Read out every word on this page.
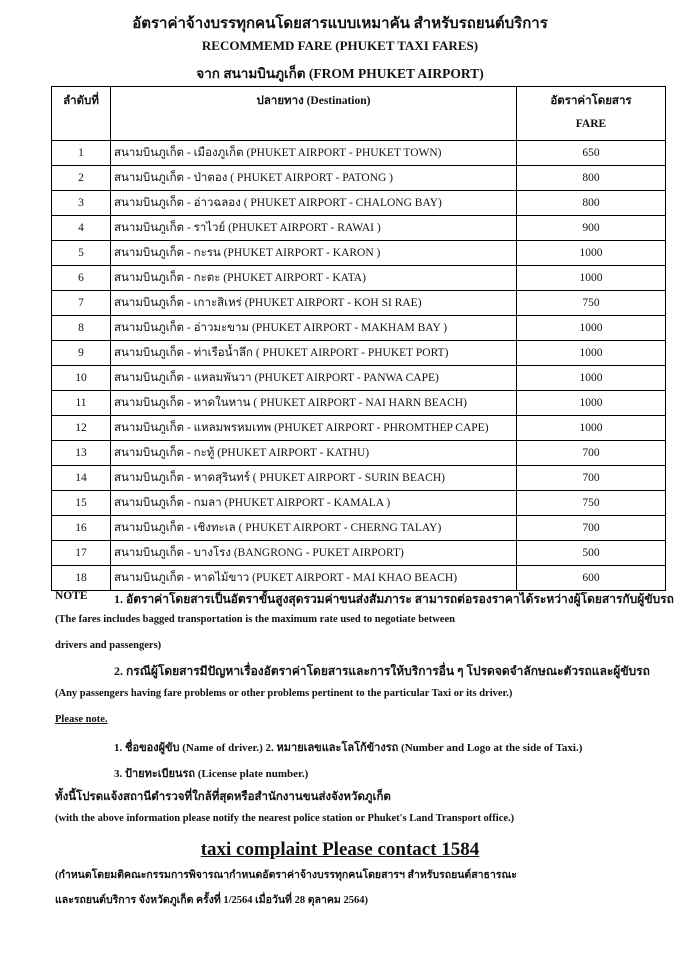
อัตราค่าจ้างบรรทุกคนโดยสารแบบเหมาคัน สำหรับรถยนต์บริการ
RECOMMEMD FARE (PHUKET TAXI FARES)
จาก สนามบินภูเก็ต (FROM PHUKET AIRPORT)
ลำดับที่	ปลายทาง (Destination)	อัตราค่าโดยสาร
FARE

1	สนามบินภูเก็ต - เมืองภูเก็ต (PHUKET AIRPORT - PHUKET TOWN)	650
2	สนามบินภูเก็ต - ป่าตอง ( PHUKET AIRPORT - PATONG )	800
3	สนามบินภูเก็ต - อ่าวฉลอง ( PHUKET AIRPORT - CHALONG BAY)	800
4	สนามบินภูเก็ต - ราไวย์ (PHUKET AIRPORT - RAWAI )	900
5	สนามบินภูเก็ต - กะรน (PHUKET AIRPORT - KARON )	1000
6	สนามบินภูเก็ต - กะตะ (PHUKET AIRPORT - KATA)	1000
7	สนามบินภูเก็ต - เกาะสิเหร่ (PHUKET AIRPORT - KOH SI RAE)	750
8	สนามบินภูเก็ต - อ่าวมะขาม (PHUKET AIRPORT - MAKHAM BAY )	1000
9	สนามบินภูเก็ต - ท่าเรือน้ำลึก ( PHUKET AIRPORT - PHUKET PORT)	1000
10	สนามบินภูเก็ต - แหลมพันวา (PHUKET AIRPORT - PANWA CAPE)	1000
11	สนามบินภูเก็ต - หาดในหาน ( PHUKET AIRPORT - NAI HARN BEACH)	1000
12	สนามบินภูเก็ต - แหลมพรหมเทพ (PHUKET AIRPORT - PHROMTHEP CAPE)	1000
13	สนามบินภูเก็ต - กะทู้ (PHUKET AIRPORT - KATHU)	700
14	สนามบินภูเก็ต - หาดสุรินทร์ ( PHUKET AIRPORT - SURIN BEACH)	700
15	สนามบินภูเก็ต - กมลา (PHUKET AIRPORT - KAMALA )	750
16	สนามบินภูเก็ต - เชิงทะเล ( PHUKET AIRPORT - CHERNG TALAY)	700
17	สนามบินภูเก็ต - บางโรง (BANGRONG - PUKET AIRPORT)	500
18	สนามบินภูเก็ต - หาดไม้ขาว (PUKET AIRPORT - MAI KHAO BEACH)	600
NOTE 1. อัตราค่าโดยสารเป็นอัตราขั้นสูงสุดรวมค่าขนส่งสัมภาระ สามารถต่อรองราคาได้ระหว่างผู้โดยสารกับผู้ขับรถ
(The fares includes bagged transportation is the maximum rate used to negotiate between
drivers and passengers)
2. กรณีผู้โดยสารมีปัญหาเรื่องอัตราค่าโดยสารและการให้บริการอื่น ๆ โปรดจดจำลักษณะตัวรถและผู้ขับรถ
(Any passengers having fare problems or other problems pertinent to the particular Taxi or its driver.)
Please note.
1. ชื่อของผู้ขับ (Name of driver.) 2. หมายเลขและโลโก้ข้างรถ (Number and Logo at the side of Taxi.)
3. ป้ายทะเบียนรถ (License plate number.)
ทั้งนี้โปรดแจ้งสถานีตำรวจที่ใกล้ที่สุดหรือสำนักงานขนส่งจังหวัดภูเก็ต
(with the above information please notify the nearest police station or Phuket's Land Transport office.)
taxi complaint Please contact 1584
(กำหนดโดยมติคณะกรรมการพิจารณากำหนดอัตราค่าจ้างบรรทุกคนโดยสารฯ สำหรับรถยนต์สาธารณะ
และรถยนต์บริการ จังหวัดภูเก็ต ครั้งที่ 1/2564 เมื่อวันที่ 28 ตุลาคม 2564)
